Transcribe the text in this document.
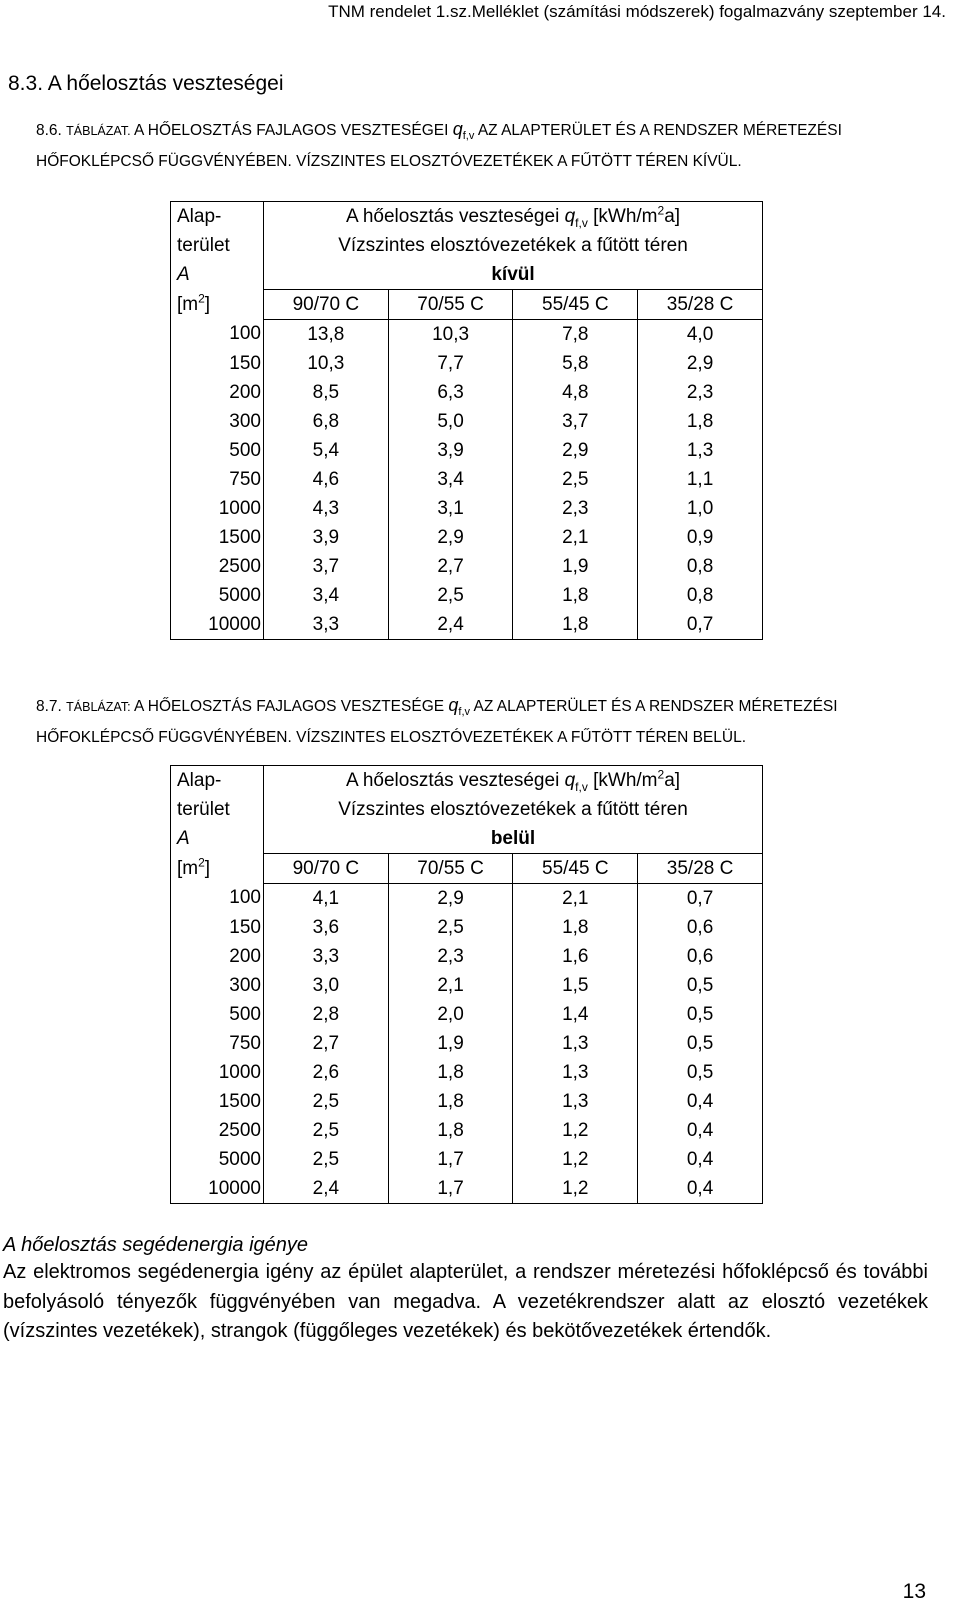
TNM rendelet 1.sz.Melléklet (számítási módszerek) fogalmazvány szeptember 14.
8.3. A hőelosztás veszteségei
8.6. TÁBLÁZAT. A HŐELOSZTÁS FAJLAGOS VESZTESÉGEI $q_{f,v}$ AZ ALAPTERÜLET ÉS A RENDSZER MÉRETEZÉSI HŐFOKLÉPCSŐ FÜGGVÉNYÉBEN. VÍZSZINTES ELOSZTÓVEZETÉKEK A FŰTÖTT TÉREN KÍVÜL.
Alap-	A hőelosztás veszteségei $q_{f,v}$ $[kWh/m^2a]$			
terület	Vízszintes elosztóvezetékek a fűtött téren			
A	kívül			
$[m^2]$	90/70 C	70/55 C	55/45 C	35/28 C
100	13,8	10,3	7,8	4,0
150	10,3	7,7	5,8	2,9
200	8,5	6,3	4,8	2,3
300	6,8	5,0	3,7	1,8
500	5,4	3,9	2,9	1,3
750	4,6	3,4	2,5	1,1
1000	4,3	3,1	2,3	1,0
1500	3,9	2,9	2,1	0,9
2500	3,7	2,7	1,9	0,8
5000	3,4	2,5	1,8	0,8
10000	3,3	2,4	1,8	0,7
8.7. TÁBLÁZAT: A HŐELOSZTÁS FAJLAGOS VESZTESÉGE $q_{f,v}$ AZ ALAPTERÜLET ÉS A RENDSZER MÉRETEZÉSI HŐFOKLÉPCSŐ FÜGGVÉNYÉBEN. VÍZSZINTES ELOSZTÓVEZETÉKEK A FŰTÖTT TÉREN BELÜL.
Alap-	A hőelosztás veszteségei $q_{f,v}$ $[kWh/m^2a]$			
terület	Vízszintes elosztóvezetékek a fűtött téren			
A	belül			
$[m^2]$	90/70 C	70/55 C	55/45 C	35/28 C
100	4,1	2,9	2,1	0,7
150	3,6	2,5	1,8	0,6
200	3,3	2,3	1,6	0,6
300	3,0	2,1	1,5	0,5
500	2,8	2,0	1,4	0,5
750	2,7	1,9	1,3	0,5
1000	2,6	1,8	1,3	0,5
1500	2,5	1,8	1,3	0,4
2500	2,5	1,8	1,2	0,4
5000	2,5	1,7	1,2	0,4
10000	2,4	1,7	1,2	0,4
A hőelosztás segédenergia igénye
Az elektromos segédenergia igény az épület alapterület, a rendszer méretezési hőfoklépcső és további befolyásoló tényezők függvényében van megadva. A vezetékrendszer alatt az elosztó vezetékek (vízszintes vezetékek), strangok (függőleges vezetékek) és bekötővezetékek értendők.
13
